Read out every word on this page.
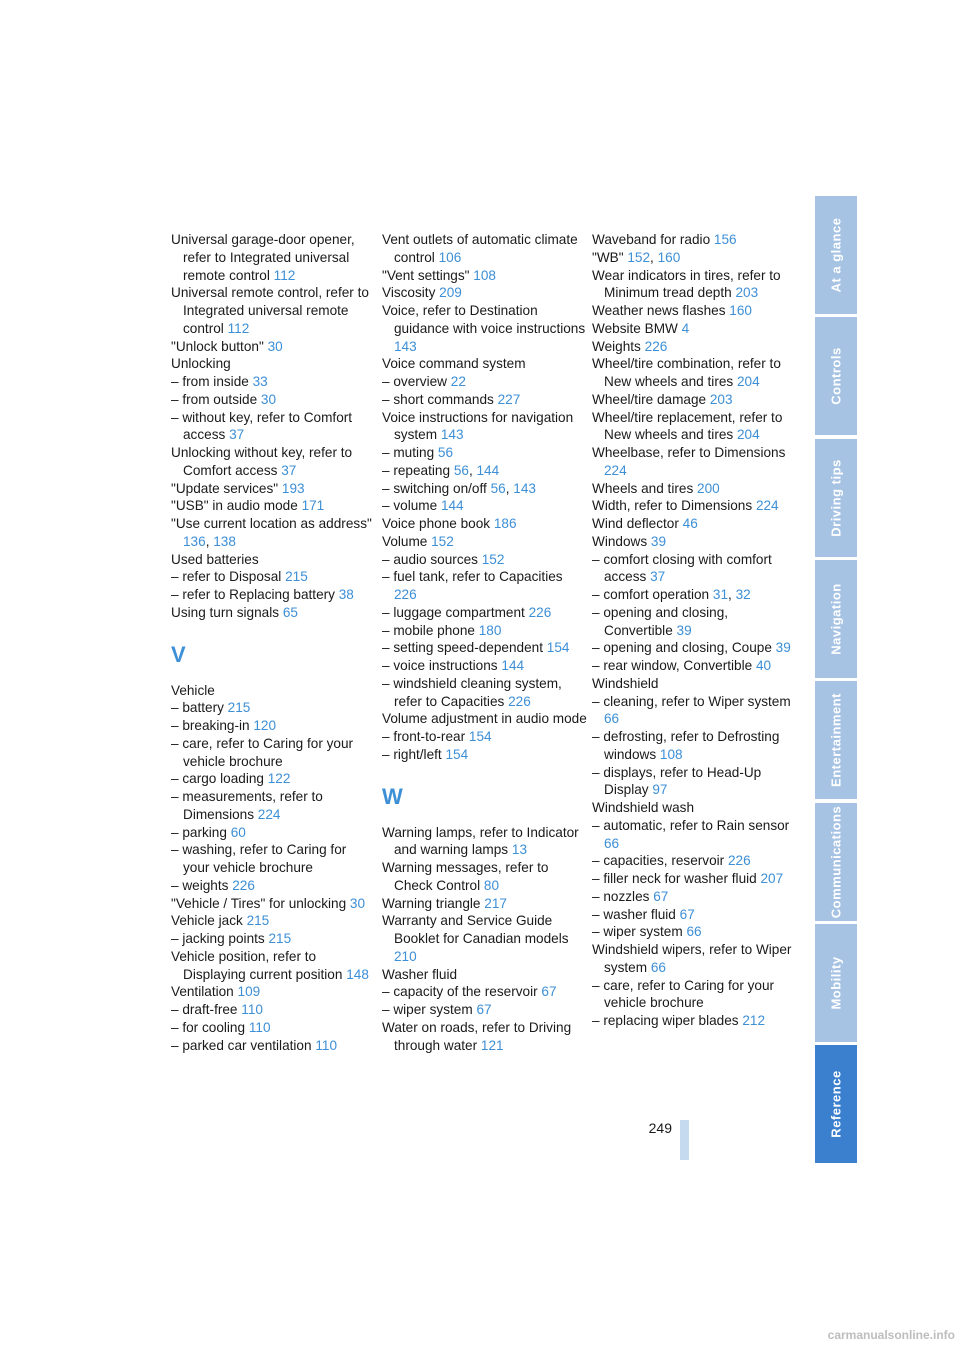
Universal garage-door opener, refer to Integrated universal remote control 112

Universal remote control, refer to Integrated universal remote control 112

"Unlock button" 30

Unlocking

– from inside 33

– from outside 30

– without key, refer to Comfort access 37

Unlocking without key, refer to Comfort access 37

"Update services" 193

"USB" in audio mode 171

"Use current location as address" 136, 138

Used batteries

– refer to Disposal 215

– refer to Replacing battery 38

Using turn signals 65

V

Vehicle

– battery 215

– breaking-in 120

– care, refer to Caring for your vehicle brochure

– cargo loading 122

– measurements, refer to Dimensions 224

– parking 60

– washing, refer to Caring for your vehicle brochure

– weights 226

"Vehicle / Tires" for unlocking 30

Vehicle jack 215

– jacking points 215

Vehicle position, refer to Displaying current position 148

Ventilation 109

– draft-free 110

– for cooling 110

– parked car ventilation 110

Vent outlets of automatic climate control 106

"Vent settings" 108

Viscosity 209

Voice, refer to Destination guidance with voice instructions 143

Voice command system

– overview 22

– short commands 227

Voice instructions for navigation system 143

– muting 56

– repeating 56, 144

– switching on/off 56, 143

– volume 144

Voice phone book 186

Volume 152

– audio sources 152

– fuel tank, refer to Capacities 226

– luggage compartment 226

– mobile phone 180

– setting speed-dependent 154

– voice instructions 144

– windshield cleaning system, refer to Capacities 226

Volume adjustment in audio mode

– front-to-rear 154

– right/left 154

W

Warning lamps, refer to Indicator and warning lamps 13

Warning messages, refer to Check Control 80

Warning triangle 217

Warranty and Service Guide Booklet for Canadian models 210

Washer fluid

– capacity of the reservoir 67

– wiper system 67

Water on roads, refer to Driving through water 121

Waveband for radio 156

"WB" 152, 160

Wear indicators in tires, refer to Minimum tread depth 203

Weather news flashes 160

Website BMW 4

Weights 226

Wheel/tire combination, refer to New wheels and tires 204

Wheel/tire damage 203

Wheel/tire replacement, refer to New wheels and tires 204

Wheelbase, refer to Dimensions 224

Wheels and tires 200

Width, refer to Dimensions 224

Wind deflector 46

Windows 39

– comfort closing with comfort access 37

– comfort operation 31, 32

– opening and closing, Convertible 39

– opening and closing, Coupe 39

– rear window, Convertible 40

Windshield

– cleaning, refer to Wiper system 66

– defrosting, refer to Defrosting windows 108

– displays, refer to Head-Up Display 97

Windshield wash

– automatic, refer to Rain sensor 66

– capacities, reservoir 226

– filler neck for washer fluid 207

– nozzles 67

– washer fluid 67

– wiper system 66

Windshield wipers, refer to Wiper system 66

– care, refer to Caring for your vehicle brochure

– replacing wiper blades 212

249
At a glance
Controls
Driving tips
Navigation
Entertainment
Communications
Mobility
Reference
carmanualsonline.info
